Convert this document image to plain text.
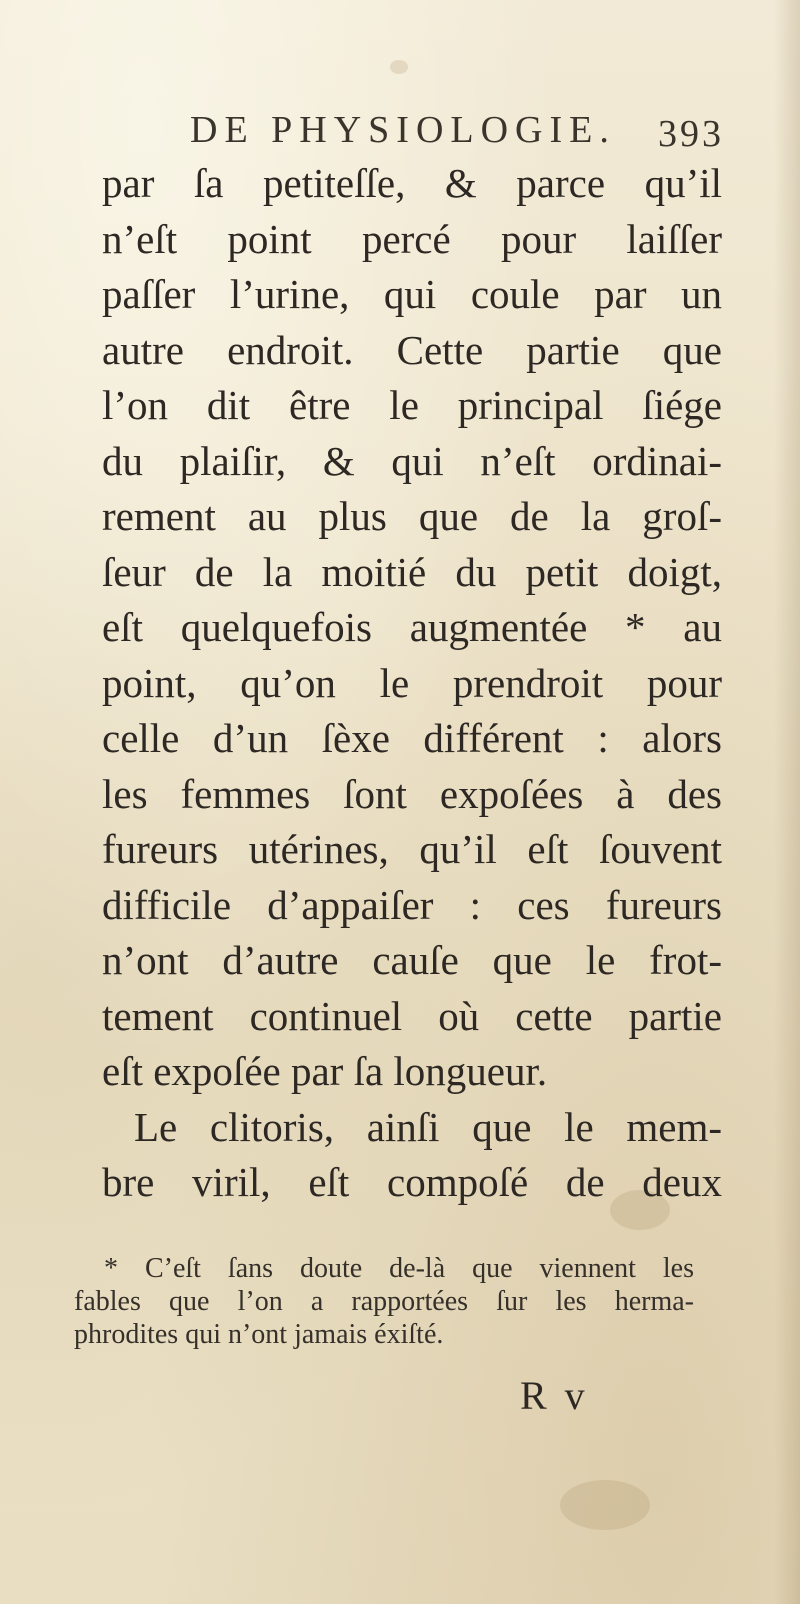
DE PHYSIOLOGIE. 393
par ſa petiteſſe, & parce qu’il
n’eſt point percé pour laiſſer
paſſer l’urine, qui coule par un
autre endroit. Cette partie que
l’on dit être le principal ſiége
du plaiſir, & qui n’eſt ordinai-
rement au plus que de la groſ-
ſeur de la moitié du petit doigt,
eſt quelquefois augmentée * au
point, qu’on le prendroit pour
celle d’un ſèxe différent : alors
les femmes ſont expoſées à des
fureurs utérines, qu’il eſt ſouvent
difficile d’appaiſer : ces fureurs
n’ont d’autre cauſe que le frot-
tement continuel où cette partie
eſt expoſée par ſa longueur.
Le clitoris, ainſi que le mem-
bre viril, eſt compoſé de deux
* C’eſt ſans doute de-là que viennent les
fables que l’on a rapportées ſur les herma-
phrodites qui n’ont jamais éxiſté.
R v
